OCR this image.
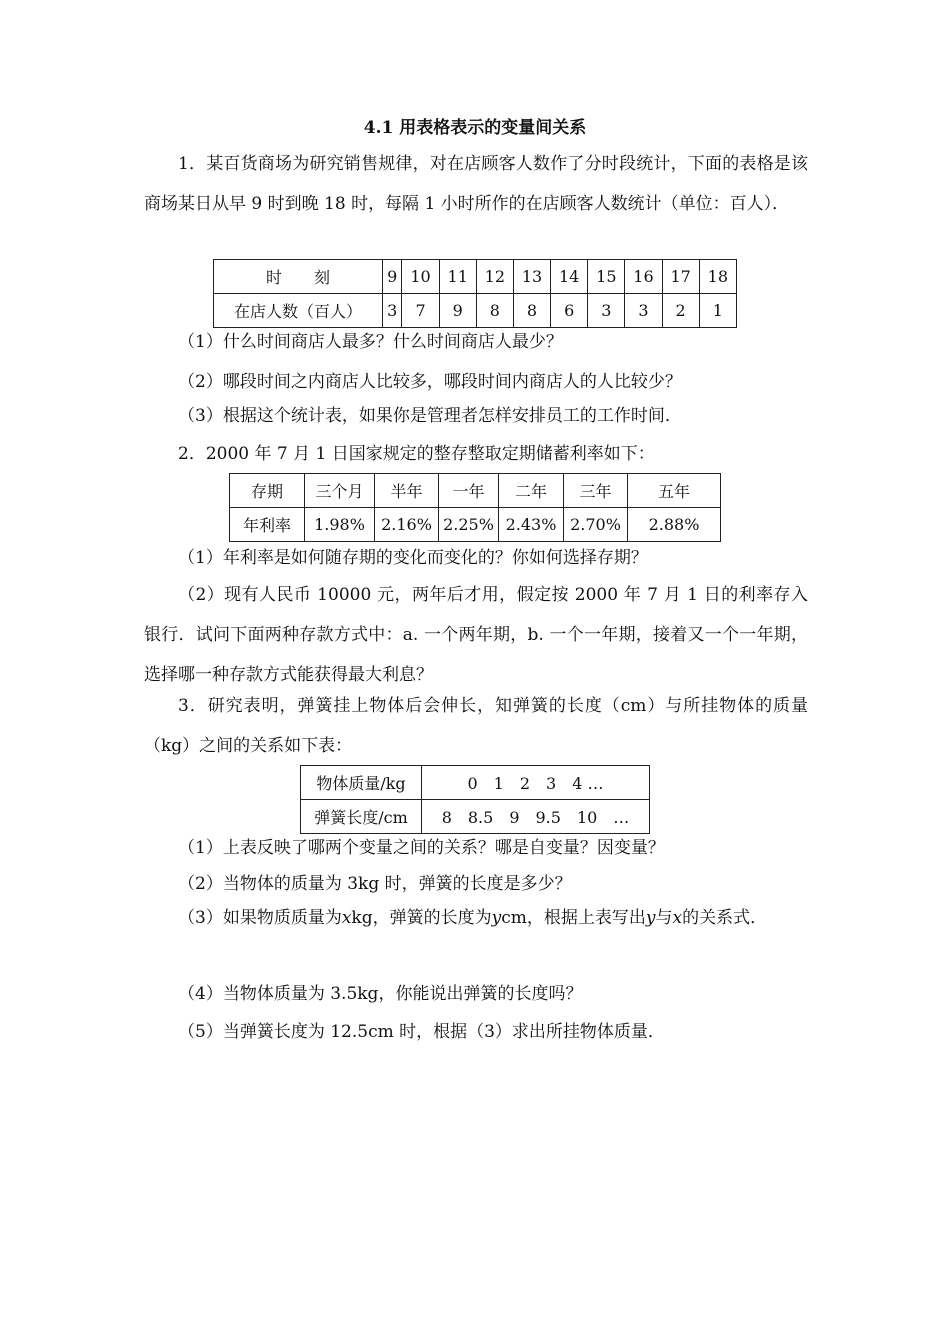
4.1 用表格表示的变量间关系

1．某百货商场为研究销售规律，对在店顾客人数作了分时段统计，下面的表格是该商场某日从早 9 时到晚 18 时，每隔 1 小时所作的在店顾客人数统计（单位：百人）．

时　　刻	9	10	11	12	13	14	15	16	17	18
在店人数（百人）	3	7	9	8	8	6	3	3	2	1

（1）什么时间商店人最多？什么时间商店人最少？

（2）哪段时间之内商店人比较多，哪段时间内商店人的人比较少？

（3）根据这个统计表，如果你是管理者怎样安排员工的工作时间．

2．2000 年 7 月 1 日国家规定的整存整取定期储蓄利率如下：

存期	三个月	半年	一年	二年	三年	五年
年利率	1.98%	2.16%	2.25%	2.43%	2.70%	2.88%

（1）年利率是如何随存期的变化而变化的？你如何选择存期？

（2）现有人民币 10000 元，两年后才用，假定按 2000 年 7 月 1 日的利率存入银行．试问下面两种存款方式中：a. 一个两年期，b. 一个一年期，接着又一个一年期，选择哪一种存款方式能获得最大利息？

3．研究表明，弹簧挂上物体后会伸长，知弹簧的长度（cm）与所挂物体的质量（kg）之间的关系如下表：

物体质量/kg	0　1　2　3　4 …
弹簧长度/cm	8　8.5　9　9.5　10　…

（1）上表反映了哪两个变量之间的关系？哪是自变量？因变量？

（2）当物体的质量为 3kg 时，弹簧的长度是多少？

（3）如果物质质量为xkg，弹簧的长度为ycm，根据上表写出y与x的关系式．

（4）当物体质量为 3.5kg，你能说出弹簧的长度吗？

（5）当弹簧长度为 12.5cm 时，根据（3）求出所挂物体质量．
